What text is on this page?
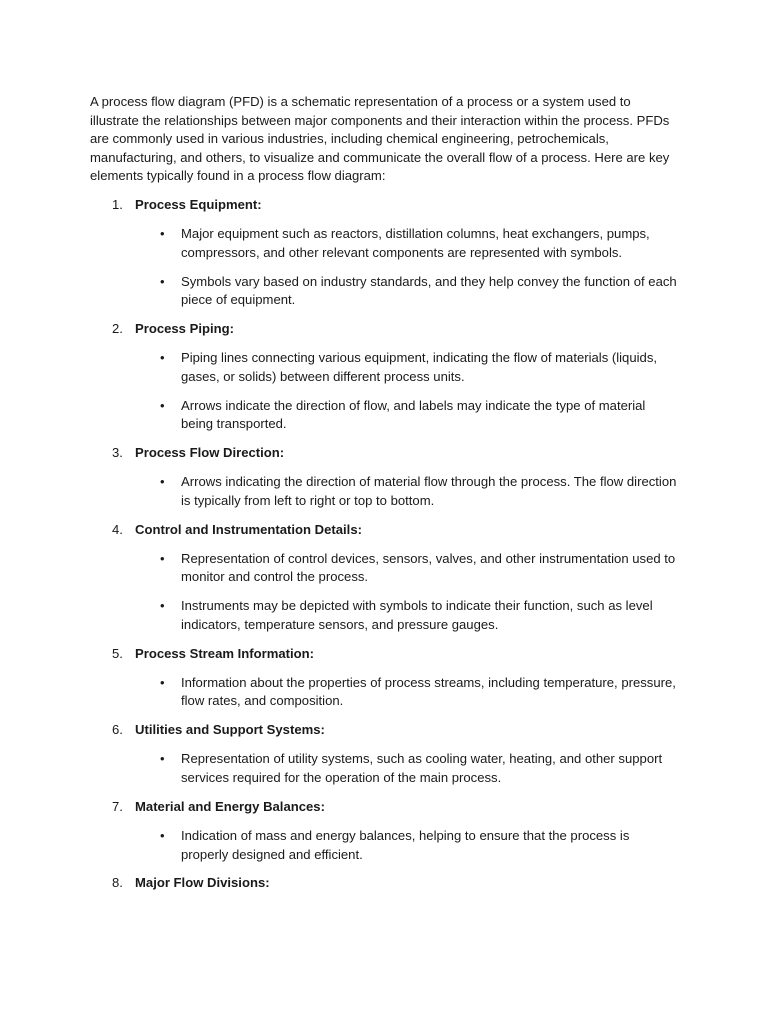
A process flow diagram (PFD) is a schematic representation of a process or a system used to illustrate the relationships between major components and their interaction within the process. PFDs are commonly used in various industries, including chemical engineering, petrochemicals, manufacturing, and others, to visualize and communicate the overall flow of a process. Here are key elements typically found in a process flow diagram:

1. Process Equipment:
• Major equipment such as reactors, distillation columns, heat exchangers, pumps, compressors, and other relevant components are represented with symbols.
• Symbols vary based on industry standards, and they help convey the function of each piece of equipment.
2. Process Piping:
• Piping lines connecting various equipment, indicating the flow of materials (liquids, gases, or solids) between different process units.
• Arrows indicate the direction of flow, and labels may indicate the type of material being transported.
3. Process Flow Direction:
• Arrows indicating the direction of material flow through the process. The flow direction is typically from left to right or top to bottom.
4. Control and Instrumentation Details:
• Representation of control devices, sensors, valves, and other instrumentation used to monitor and control the process.
• Instruments may be depicted with symbols to indicate their function, such as level indicators, temperature sensors, and pressure gauges.
5. Process Stream Information:
• Information about the properties of process streams, including temperature, pressure, flow rates, and composition.
6. Utilities and Support Systems:
• Representation of utility systems, such as cooling water, heating, and other support services required for the operation of the main process.
7. Material and Energy Balances:
• Indication of mass and energy balances, helping to ensure that the process is properly designed and efficient.
8. Major Flow Divisions:
